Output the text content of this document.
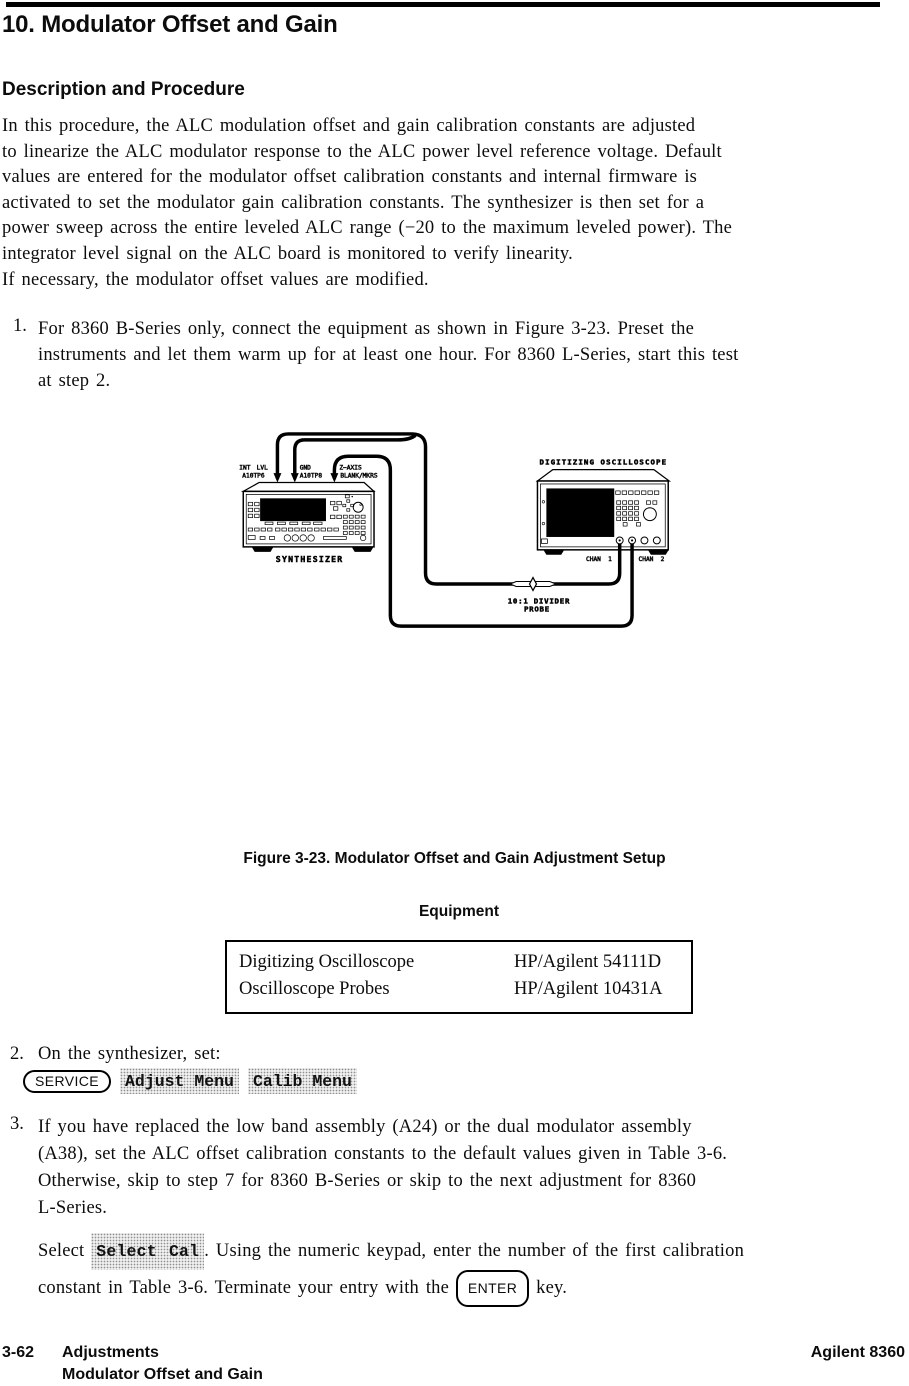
10. Modulator Offset and Gain
Description and Procedure
In this procedure, the ALC modulation offset and gain calibration constants are adjusted
to linearize the ALC modulator response to the ALC power level reference voltage. Default
values are entered for the modulator offset calibration constants and internal firmware is
activated to set the modulator gain calibration constants. The synthesizer is then set for a
power sweep across the entire leveled ALC range (−20 to the maximum leveled power). The
integrator level signal on the ALC board is monitored to verify linearity.
If necessary, the modulator offset values are modified.
1. For 8360 B-Series only, connect the equipment as shown in Figure 3-23. Preset the
instruments and let them warm up for at least one hour. For 8360 L-Series, start this test
at step 2.
INT LVL
A10TP6
GND
A10TP8
Z−AXIS
BLANK/MKRS
SYNTHESIZER
DIGITIZING OSCILLOSCOPE
CHAN 1 CHAN 2
10:1 DIVIDER
PROBE
Figure 3-23. Modulator Offset and Gain Adjustment Setup
Equipment
Digitizing Oscilloscope	HP/Agilent 54111D
Oscilloscope Probes	HP/Agilent 10431A
2. On the synthesizer, set:
SERVICE	Adjust Menu	Calib Menu
3. If you have replaced the low band assembly (A24) or the dual modulator assembly
(A38), set the ALC offset calibration constants to the default values given in Table 3-6.
Otherwise, skip to step 7 for 8360 B-Series or skip to the next adjustment for 8360
L-Series.
Select Select Cal . Using the numeric keypad, enter the number of the first calibration
constant in Table 3-6. Terminate your entry with the ENTER key.
3-62 Adjustments	Agilent 8360
Modulator Offset and Gain
